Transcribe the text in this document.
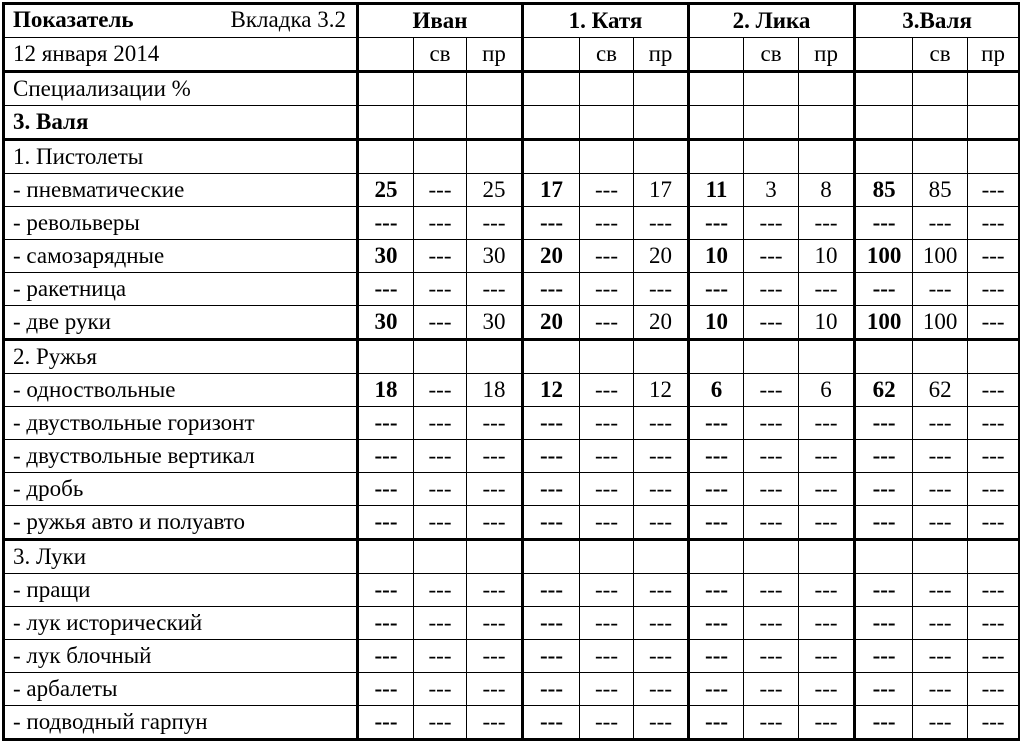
Показатель Вкладка 3.2	Иван			1. Катя			2. Лика			3.Валя		
12 января 2014		св	пр		св	пр		св	пр		св	пр
Специализации %												
3. Валя												
1. Пистолеты												
- пневматические	25	---	25	17	---	17	11	3	8	85	85	---
- револьверы	---	---	---	---	---	---	---	---	---	---	---	---
- самозарядные	30	---	30	20	---	20	10	---	10	100	100	---
- ракетница	---	---	---	---	---	---	---	---	---	---	---	---
- две руки	30	---	30	20	---	20	10	---	10	100	100	---
2. Ружья												
- одноствольные	18	---	18	12	---	12	6	---	6	62	62	---
- двуствольные горизонт	---	---	---	---	---	---	---	---	---	---	---	---
- двуствольные вертикал	---	---	---	---	---	---	---	---	---	---	---	---
- дробь	---	---	---	---	---	---	---	---	---	---	---	---
- ружья авто и полуавто	---	---	---	---	---	---	---	---	---	---	---	---
3. Луки												
- пращи	---	---	---	---	---	---	---	---	---	---	---	---
- лук исторический	---	---	---	---	---	---	---	---	---	---	---	---
- лук блочный	---	---	---	---	---	---	---	---	---	---	---	---
- арбалеты	---	---	---	---	---	---	---	---	---	---	---	---
- подводный гарпун	---	---	---	---	---	---	---	---	---	---	---	---
